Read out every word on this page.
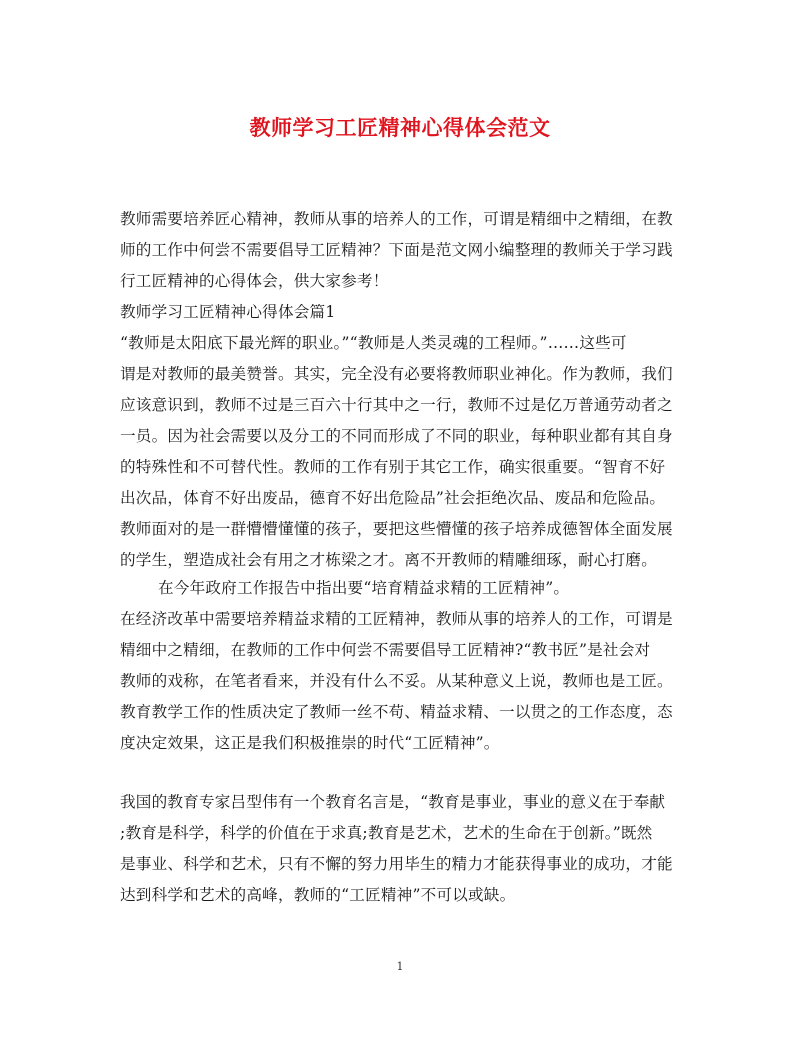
教师学习工匠精神心得体会范文
教师需要培养匠心精神，教师从事的培养人的工作，可谓是精细中之精细，在教
师的工作中何尝不需要倡导工匠精神？下面是范文网小编整理的教师关于学习践
行工匠精神的心得体会，供大家参考！
教师学习工匠精神心得体会篇1
“教师是太阳底下最光辉的职业。”“教师是人类灵魂的工程师。”……这些可
谓是对教师的最美赞誉。其实，完全没有必要将教师职业神化。作为教师，我们
应该意识到，教师不过是三百六十行其中之一行，教师不过是亿万普通劳动者之
一员。因为社会需要以及分工的不同而形成了不同的职业，每种职业都有其自身
的特殊性和不可替代性。教师的工作有别于其它工作，确实很重要。“智育不好
出次品，体育不好出废品，德育不好出危险品”社会拒绝次品、废品和危险品。
教师面对的是一群懵懵懂懂的孩子，要把这些懵懂的孩子培养成德智体全面发展
的学生，塑造成社会有用之才栋梁之才。离不开教师的精雕细琢，耐心打磨。
在今年政府工作报告中指出要“培育精益求精的工匠精神”。
在经济改革中需要培养精益求精的工匠精神，教师从事的培养人的工作，可谓是
精细中之精细，在教师的工作中何尝不需要倡导工匠精神?“教书匠”是社会对
教师的戏称，在笔者看来，并没有什么不妥。从某种意义上说，教师也是工匠。
教育教学工作的性质决定了教师一丝不苟、精益求精、一以贯之的工作态度，态
度决定效果，这正是我们积极推崇的时代“工匠精神”。
我国的教育专家吕型伟有一个教育名言是，“教育是事业，事业的意义在于奉献
;教育是科学，科学的价值在于求真;教育是艺术，艺术的生命在于创新。”既然
是事业、科学和艺术，只有不懈的努力用毕生的精力才能获得事业的成功，才能
达到科学和艺术的高峰，教师的“工匠精神”不可以或缺。
1
